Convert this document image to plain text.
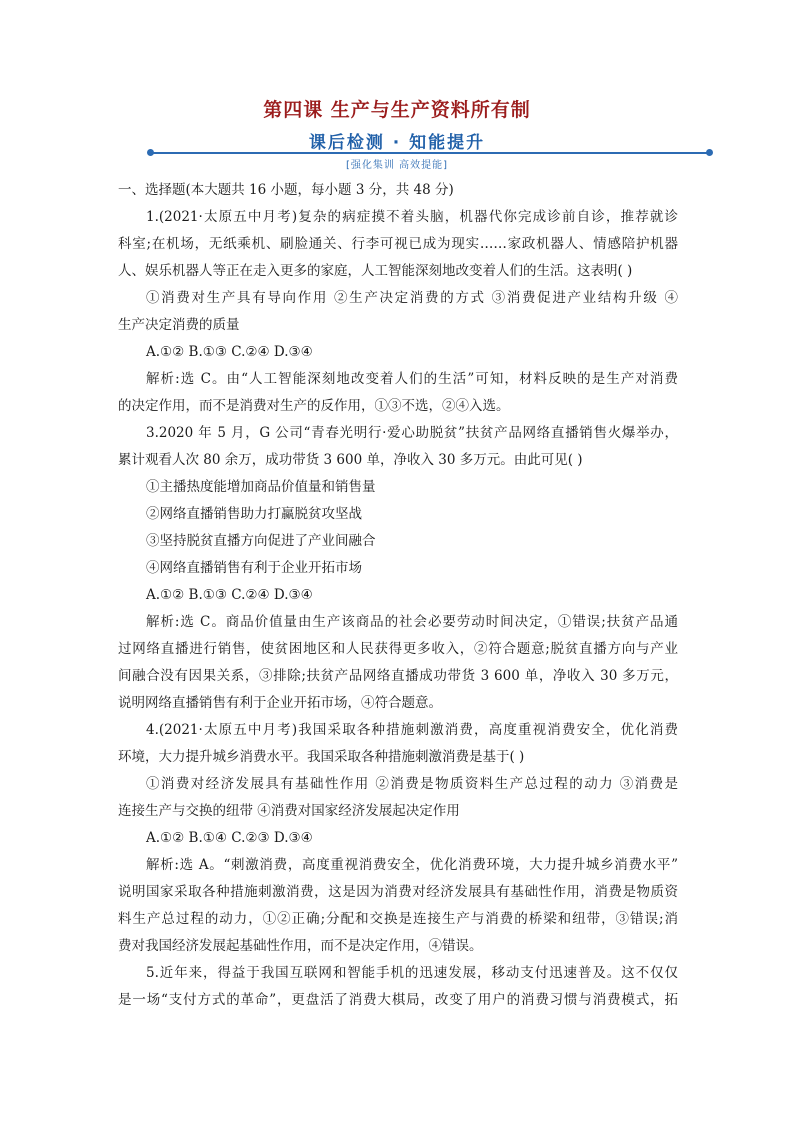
第四课 生产与生产资料所有制
课后检测 · 知能提升
[强化集训 高效提能]
一、选择题(本大题共 16 小题，每小题 3 分，共 48 分)
1.(2021·太原五中月考)复杂的病症摸不着头脑，机器代你完成诊前自诊，推荐就诊
科室;在机场，无纸乘机、刷脸通关、行李可视已成为现实……家政机器人、情感陪护机器
人、娱乐机器人等正在走入更多的家庭，人工智能深刻地改变着人们的生活。这表明( )
①消费对生产具有导向作用 ②生产决定消费的方式 ③消费促进产业结构升级 ④
生产决定消费的质量
A.①② B.①③ C.②④ D.③④
解析:选 C。由“人工智能深刻地改变着人们的生活”可知，材料反映的是生产对消费
的决定作用，而不是消费对生产的反作用，①③不选，②④入选。
3.2020 年 5 月，G 公司“青春光明行·爱心助脱贫”扶贫产品网络直播销售火爆举办，
累计观看人次 80 余万，成功带货 3 600 单，净收入 30 多万元。由此可见( )
①主播热度能增加商品价值量和销售量
②网络直播销售助力打赢脱贫攻坚战
③坚持脱贫直播方向促进了产业间融合
④网络直播销售有利于企业开拓市场
A.①② B.①③ C.②④ D.③④
解析:选 C。商品价值量由生产该商品的社会必要劳动时间决定，①错误;扶贫产品通
过网络直播进行销售，使贫困地区和人民获得更多收入，②符合题意;脱贫直播方向与产业
间融合没有因果关系，③排除;扶贫产品网络直播成功带货 3 600 单，净收入 30 多万元，
说明网络直播销售有利于企业开拓市场，④符合题意。
4.(2021·太原五中月考)我国采取各种措施刺激消费，高度重视消费安全，优化消费
环境，大力提升城乡消费水平。我国采取各种措施刺激消费是基于( )
①消费对经济发展具有基础性作用 ②消费是物质资料生产总过程的动力 ③消费是
连接生产与交换的纽带 ④消费对国家经济发展起决定作用
A.①② B.①④ C.②③ D.③④
解析:选 A。“刺激消费，高度重视消费安全，优化消费环境，大力提升城乡消费水平”
说明国家采取各种措施刺激消费，这是因为消费对经济发展具有基础性作用，消费是物质资
料生产总过程的动力，①②正确;分配和交换是连接生产与消费的桥梁和纽带，③错误;消
费对我国经济发展起基础性作用，而不是决定作用，④错误。
5.近年来，得益于我国互联网和智能手机的迅速发展，移动支付迅速普及。这不仅仅
是一场“支付方式的革命”，更盘活了消费大棋局，改变了用户的消费习惯与消费模式，拓
